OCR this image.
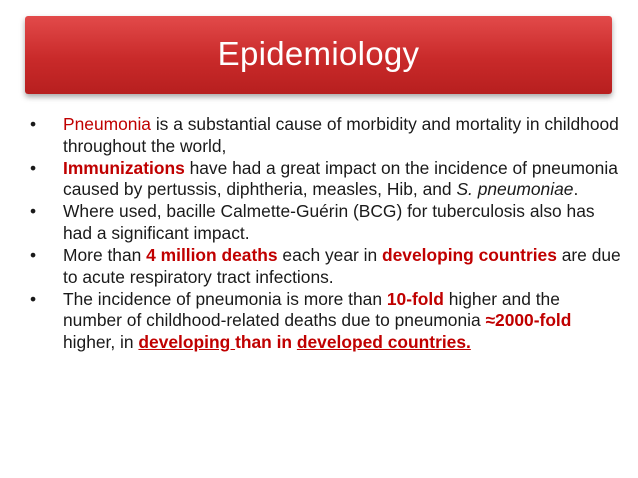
Epidemiology
• Pneumonia is a substantial cause of morbidity and mortality in childhood throughout the world,
• Immunizations have had a great impact on the incidence of pneumonia caused by pertussis, diphtheria, measles, Hib, and S. pneumoniae.
• Where used, bacille Calmette-Guérin (BCG) for tuberculosis also has had a significant impact.
• More than 4 million deaths each year in developing countries are due to acute respiratory tract infections.
• The incidence of pneumonia is more than 10-fold higher and the number of childhood-related deaths due to pneumonia ≈2000-fold higher, in developing than in developed countries.
